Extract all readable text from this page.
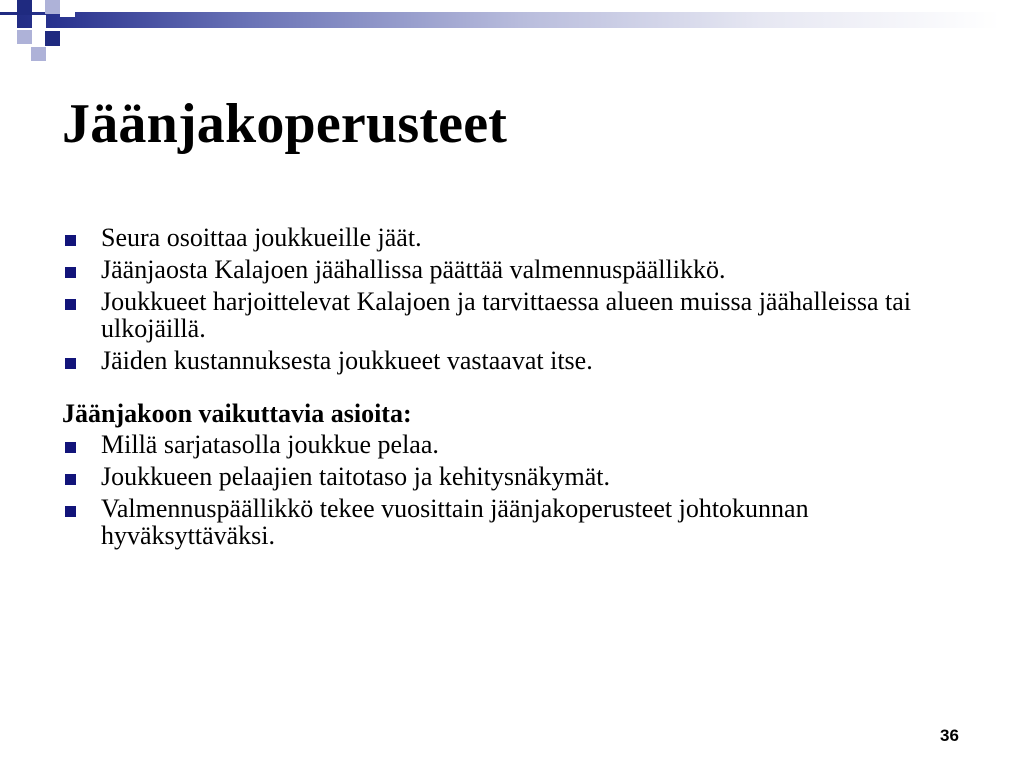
Jäänjakoperusteet
Seura osoittaa joukkueille jäät.
Jäänjaosta Kalajoen jäähallissa päättää valmennuspäällikkö.
Joukkueet harjoittelevat Kalajoen ja tarvittaessa alueen muissa jäähalleissa tai ulkojäillä.
Jäiden kustannuksesta joukkueet vastaavat itse.
Jäänjakoon vaikuttavia asioita:
Millä sarjatasolla joukkue pelaa.
Joukkueen pelaajien taitotaso ja kehitysnäkymät.
Valmennuspäällikkö tekee vuosittain jäänjakoperusteet johtokunnan hyväksyttäväksi.
36
